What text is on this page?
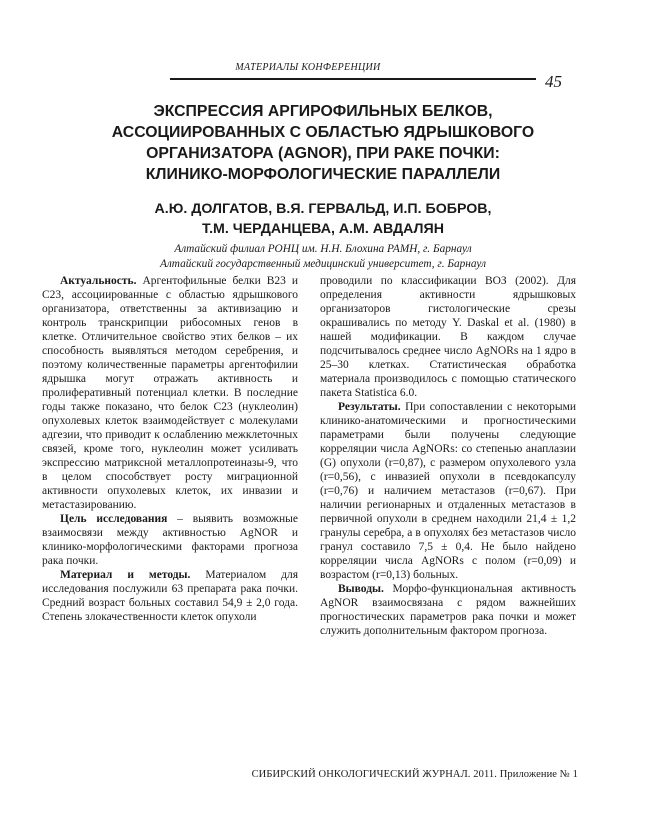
МАТЕРИАЛЫ КОНФЕРЕНЦИИ
45
ЭКСПРЕССИЯ АРГИРОФИЛЬНЫХ БЕЛКОВ,
АССОЦИИРОВАННЫХ С ОБЛАСТЬЮ ЯДРЫШКОВОГО
ОРГАНИЗАТОРА (AGNOR), ПРИ РАКЕ ПОЧКИ:
КЛИНИКО-МОРФОЛОГИЧЕСКИЕ ПАРАЛЛЕЛИ
А.Ю. ДОЛГАТОВ, В.Я. ГЕРВАЛЬД, И.П. БОБРОВ,
Т.М. ЧЕРДАНЦЕВА, А.М. АВДАЛЯН
Алтайский филиал РОНЦ им. Н.Н. Блохина РАМН, г. Барнаул
Алтайский государственный медицинский университет, г. Барнаул

Актуальность. Аргентофильные белки B23 и C23, ассоциированные с областью ядрышкового организатора, ответственны за активизацию и контроль транскрипции рибосомных генов в клетке. Отличительное свойство этих белков – их способность выявляться методом серебрения, и поэтому количественные параметры аргентофилии ядрышка могут отражать активность и пролиферативный потенциал клетки. В последние годы также показано, что белок C23 (нуклеолин) опухолевых клеток взаимодействует с молекулами адгезии, что приводит к ослаблению межклеточных связей, кроме того, нуклеолин может усиливать экспрессию матриксной металлопротеиназы-9, что в целом способствует росту миграционной активности опухолевых клеток, их инвазии и метастазированию.

Цель исследования – выявить возможные взаимосвязи между активностью AgNOR и клинико-морфологическими факторами прогноза рака почки.

Материал и методы. Материалом для исследования послужили 63 препарата рака почки. Средний возраст больных составил 54,9 ± 2,0 года. Степень злокачественности клеток опухоли

проводили по классификации ВОЗ (2002). Для определения активности ядрышковых организаторов гистологические срезы окрашивались по методу Y. Daskal et al. (1980) в нашей модификации. В каждом случае подсчитывалось среднее число AgNORs на 1 ядро в 25–30 клетках. Статистическая обработка материала производилось с помощью статического пакета Statistica 6.0.

Результаты. При сопоставлении с некоторыми клинико-анатомическими и прогностическими параметрами были получены следующие корреляции числа AgNORs: со степенью анаплазии (G) опухоли (r=0,87), с размером опухолевого узла (r=0,56), с инвазией опухоли в псевдокапсулу (r=0,76) и наличием метастазов (r=0,67). При наличии регионарных и отдаленных метастазов в первичной опухоли в среднем находили 21,4 ± 1,2 гранулы серебра, а в опухолях без метастазов число гранул составило 7,5 ± 0,4. Не было найдено корреляции числа AgNORs с полом (r=0,09) и возрастом (r=0,13) больных.

Выводы. Морфо-функциональная активность AgNOR взаимосвязана с рядом важнейших прогностических параметров рака почки и может служить дополнительным фактором прогноза.

СИБИРСКИЙ ОНКОЛОГИЧЕСКИЙ ЖУРНАЛ. 2011. Приложение № 1
